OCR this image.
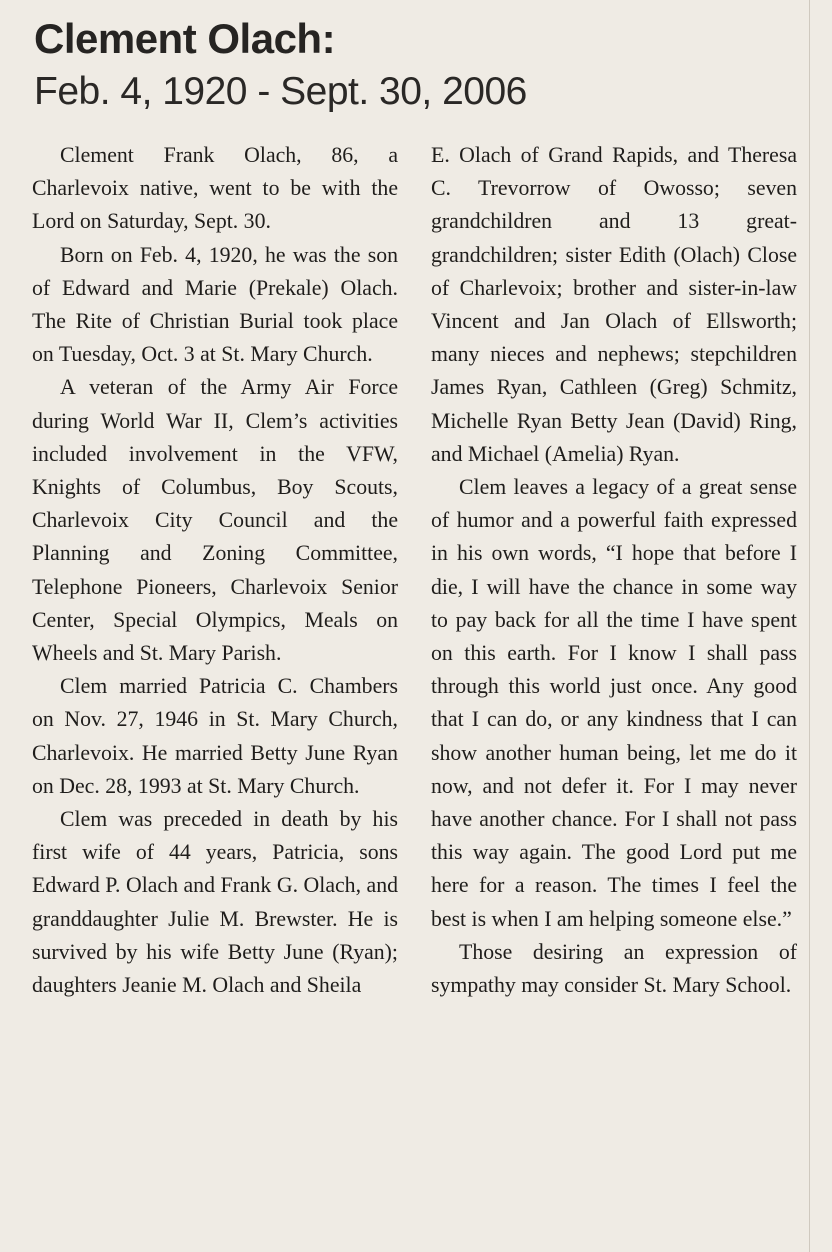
Clement Olach:
Feb. 4, 1920 - Sept. 30, 2006

Clement Frank Olach, 86, a Charlevoix native, went to be with the Lord on Saturday, Sept. 30.

Born on Feb. 4, 1920, he was the son of Edward and Marie (Prekale) Olach. The Rite of Christian Burial took place on Tuesday, Oct. 3 at St. Mary Church.

A veteran of the Army Air Force during World War II, Clem’s activities included involvement in the VFW, Knights of Columbus, Boy Scouts, Charlevoix City Council and the Planning and Zoning Committee, Telephone Pioneers, Charlevoix Senior Center, Special Olympics, Meals on Wheels and St. Mary Parish.

Clem married Patricia C. Chambers on Nov. 27, 1946 in St. Mary Church, Charlevoix. He married Betty June Ryan on Dec. 28, 1993 at St. Mary Church.

Clem was preceded in death by his first wife of 44 years, Patricia, sons Edward P. Olach and Frank G. Olach, and granddaughter Julie M. Brewster. He is survived by his wife Betty June (Ryan); daughters Jeanie M. Olach and Sheila

E. Olach of Grand Rapids, and Theresa C. Trevorrow of Owosso; seven grandchildren and 13 great-grandchildren; sister Edith (Olach) Close of Charlevoix; brother and sister-in-law Vincent and Jan Olach of Ellsworth; many nieces and nephews; stepchildren James Ryan, Cathleen (Greg) Schmitz, Michelle Ryan Betty Jean (David) Ring, and Michael (Amelia) Ryan.

Clem leaves a legacy of a great sense of humor and a powerful faith expressed in his own words, “I hope that before I die, I will have the chance in some way to pay back for all the time I have spent on this earth. For I know I shall pass through this world just once. Any good that I can do, or any kindness that I can show another human being, let me do it now, and not defer it. For I may never have another chance. For I shall not pass this way again. The good Lord put me here for a reason. The times I feel the best is when I am helping someone else.”

Those desiring an expression of sympathy may consider St. Mary School.
